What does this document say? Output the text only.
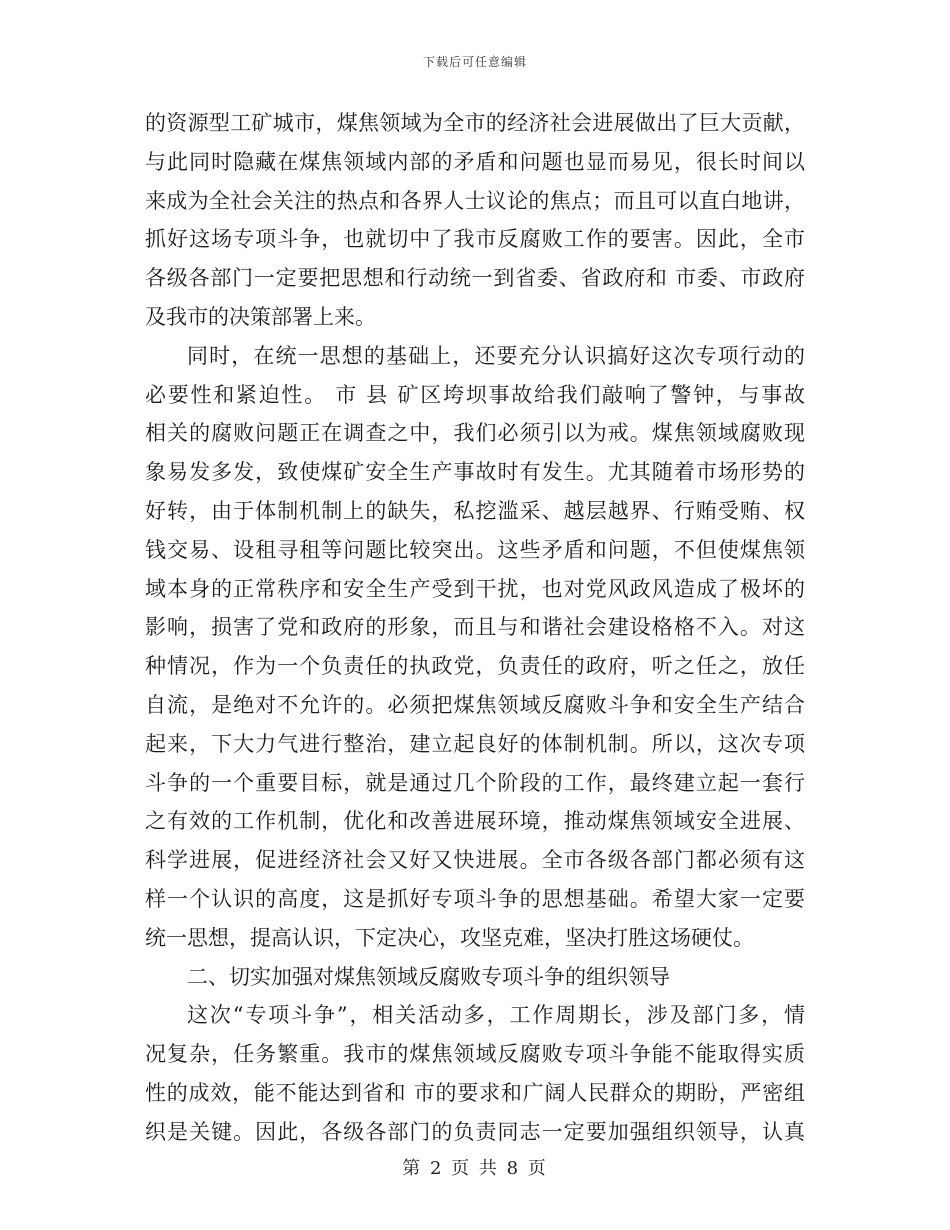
下载后可任意编辑
的资源型工矿城市，煤焦领域为全市的经济社会进展做出了巨大贡献，
与此同时隐藏在煤焦领域内部的矛盾和问题也显而易见，很长时间以
来成为全社会关注的热点和各界人士议论的焦点；而且可以直白地讲，
抓好这场专项斗争，也就切中了我市反腐败工作的要害。因此，全市
各级各部门一定要把思想和行动统一到省委、省政府和 市委、市政府
及我市的决策部署上来。
同时，在统一思想的基础上，还要充分认识搞好这次专项行动的
必要性和紧迫性。 市 县 矿区垮坝事故给我们敲响了警钟，与事故
相关的腐败问题正在调查之中，我们必须引以为戒。煤焦领域腐败现
象易发多发，致使煤矿安全生产事故时有发生。尤其随着市场形势的
好转，由于体制机制上的缺失，私挖滥采、越层越界、行贿受贿、权
钱交易、设租寻租等问题比较突出。这些矛盾和问题，不但使煤焦领
域本身的正常秩序和安全生产受到干扰，也对党风政风造成了极坏的
影响，损害了党和政府的形象，而且与和谐社会建设格格不入。对这
种情况，作为一个负责任的执政党，负责任的政府，听之任之，放任
自流，是绝对不允许的。必须把煤焦领域反腐败斗争和安全生产结合
起来，下大力气进行整治，建立起良好的体制机制。所以，这次专项
斗争的一个重要目标，就是通过几个阶段的工作，最终建立起一套行
之有效的工作机制，优化和改善进展环境，推动煤焦领域安全进展、
科学进展，促进经济社会又好又快进展。全市各级各部门都必须有这
样一个认识的高度，这是抓好专项斗争的思想基础。希望大家一定要
统一思想，提高认识，下定决心，攻坚克难，坚决打胜这场硬仗。
二、切实加强对煤焦领域反腐败专项斗争的组织领导
这次“专项斗争”，相关活动多，工作周期长，涉及部门多，情
况复杂，任务繁重。我市的煤焦领域反腐败专项斗争能不能取得实质
性的成效，能不能达到省和 市的要求和广阔人民群众的期盼，严密组
织是关键。因此，各级各部门的负责同志一定要加强组织领导，认真
第 2 页 共 8 页
